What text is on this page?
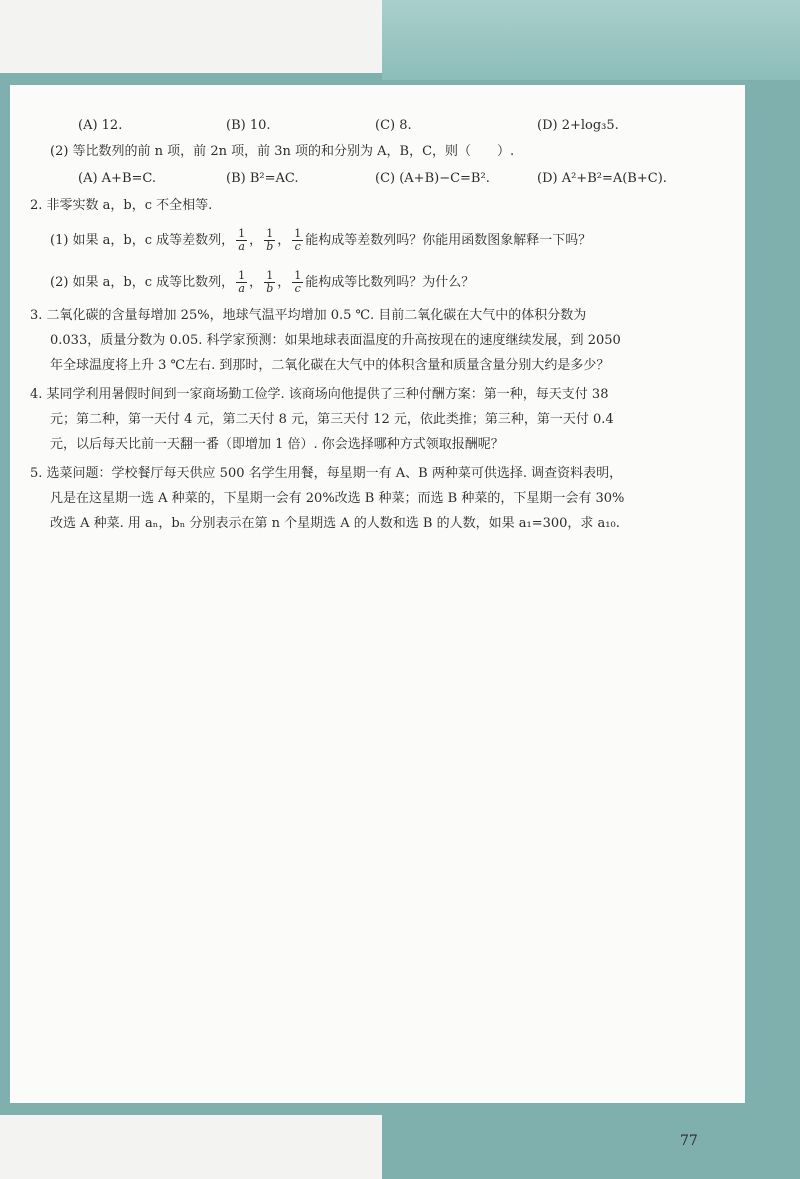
(A) 12.	(B) 10.	(C) 8.	(D) 2+log₃5.
(2) 等比数列的前 n 项，前 2n 项，前 3n 项的和分别为 A，B，C，则（　　）.
(A) A+B=C.	(B) B²=AC.	(C) (A+B)−C=B².	(D) A²+B²=A(B+C).
2. 非零实数 a，b，c 不全相等.
(1) 如果 a，b，c 成等差数列， $\frac{1}{a}$ ， $\frac{1}{b}$ ， $\frac{1}{c}$ 能构成等差数列吗？你能用函数图象解释一下吗？
(2) 如果 a，b，c 成等比数列， $\frac{1}{a}$ ， $\frac{1}{b}$ ， $\frac{1}{c}$ 能构成等比数列吗？为什么？
3. 二氧化碳的含量每增加 25%，地球气温平均增加 0.5 ℃. 目前二氧化碳在大气中的体积分数为
0.033，质量分数为 0.05. 科学家预测：如果地球表面温度的升高按现在的速度继续发展，到 2050
年全球温度将上升 3 ℃左右. 到那时，二氧化碳在大气中的体积含量和质量含量分别大约是多少？
4. 某同学利用暑假时间到一家商场勤工俭学. 该商场向他提供了三种付酬方案：第一种，每天支付 38
元；第二种，第一天付 4 元，第二天付 8 元，第三天付 12 元，依此类推；第三种，第一天付 0.4
元，以后每天比前一天翻一番（即增加 1 倍）. 你会选择哪种方式领取报酬呢？
5. 选菜问题：学校餐厅每天供应 500 名学生用餐，每星期一有 A、B 两种菜可供选择. 调查资料表明，
凡是在这星期一选 A 种菜的，下星期一会有 20%改选 B 种菜；而选 B 种菜的，下星期一会有 30%
改选 A 种菜. 用 aₙ，bₙ 分别表示在第 n 个星期选 A 的人数和选 B 的人数，如果 a₁=300，求 a₁₀.
77
